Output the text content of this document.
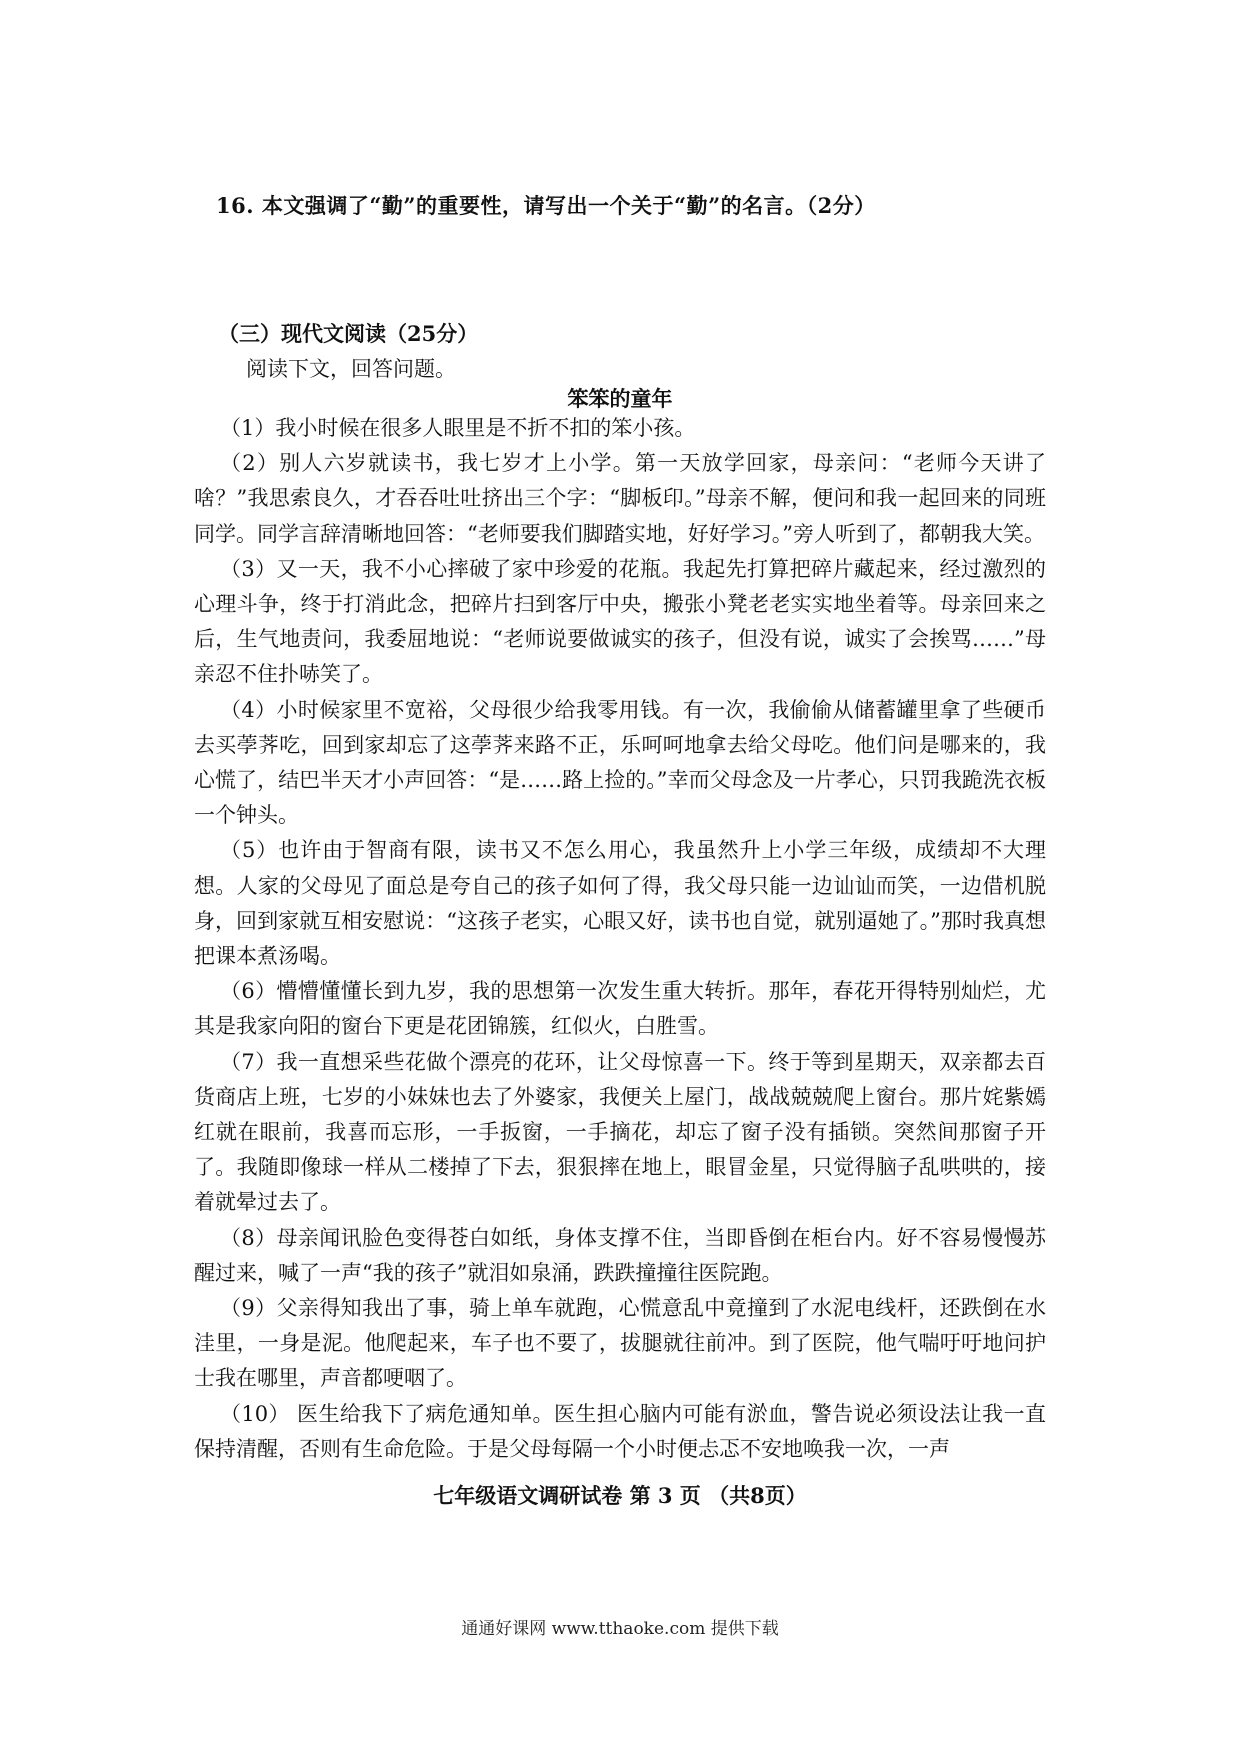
16. 本文强调了“勤”的重要性，请写出一个关于“勤”的名言。（2分）
（三）现代文阅读（25分）
阅读下文，回答问题。
笨笨的童年

（1）我小时候在很多人眼里是不折不扣的笨小孩。

（2）别人六岁就读书，我七岁才上小学。第一天放学回家，母亲问：“老师今天讲了啥？”我思索良久，才吞吞吐吐挤出三个字：“脚板印。”母亲不解，便问和我一起回来的同班同学。同学言辞清晰地回答：“老师要我们脚踏实地，好好学习。”旁人听到了，都朝我大笑。

（3）又一天，我不小心摔破了家中珍爱的花瓶。我起先打算把碎片藏起来，经过激烈的心理斗争，终于打消此念，把碎片扫到客厅中央，搬张小凳老老实实地坐着等。母亲回来之后，生气地责问，我委屈地说：“老师说要做诚实的孩子，但没有说，诚实了会挨骂……”母亲忍不住扑哧笑了。

（4）小时候家里不宽裕，父母很少给我零用钱。有一次，我偷偷从储蓄罐里拿了些硬币去买荸荠吃，回到家却忘了这荸荠来路不正，乐呵呵地拿去给父母吃。他们问是哪来的，我心慌了，结巴半天才小声回答：“是……路上捡的。”幸而父母念及一片孝心，只罚我跪洗衣板一个钟头。

（5）也许由于智商有限，读书又不怎么用心，我虽然升上小学三年级，成绩却不大理想。人家的父母见了面总是夸自己的孩子如何了得，我父母只能一边讪讪而笑，一边借机脱身，回到家就互相安慰说：“这孩子老实，心眼又好，读书也自觉，就别逼她了。”那时我真想把课本煮汤喝。

（6）懵懵懂懂长到九岁，我的思想第一次发生重大转折。那年，春花开得特别灿烂，尤其是我家向阳的窗台下更是花团锦簇，红似火，白胜雪。

（7）我一直想采些花做个漂亮的花环，让父母惊喜一下。终于等到星期天，双亲都去百货商店上班，七岁的小妹妹也去了外婆家，我便关上屋门，战战兢兢爬上窗台。那片姹紫嫣红就在眼前，我喜而忘形，一手扳窗，一手摘花，却忘了窗子没有插锁。突然间那窗子开了。我随即像球一样从二楼掉了下去，狠狠摔在地上，眼冒金星，只觉得脑子乱哄哄的，接着就晕过去了。

（8）母亲闻讯脸色变得苍白如纸，身体支撑不住，当即昏倒在柜台内。好不容易慢慢苏醒过来，喊了一声“我的孩子”就泪如泉涌，跌跌撞撞往医院跑。

（9）父亲得知我出了事，骑上单车就跑，心慌意乱中竟撞到了水泥电线杆，还跌倒在水洼里，一身是泥。他爬起来，车子也不要了，拔腿就往前冲。到了医院，他气喘吁吁地问护士我在哪里，声音都哽咽了。

（10） 医生给我下了病危通知单。医生担心脑内可能有淤血，警告说必须设法让我一直保持清醒，否则有生命危险。于是父母每隔一个小时便忐忑不安地唤我一次，一声

七年级语文调研试卷 第 3 页 （共8页）
通通好课网 www.tthaoke.com 提供下载
